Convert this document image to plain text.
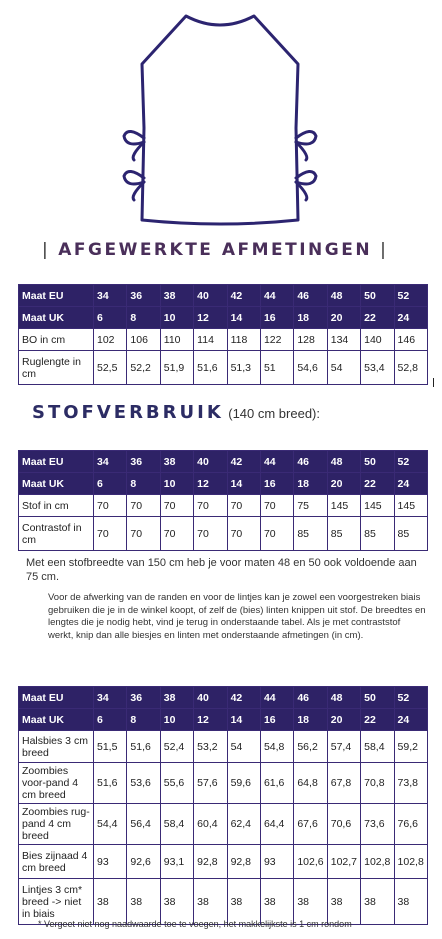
| AFGEWERKTE AFMETINGEN |
Maat EU	34	36	38	40	42	44	46	48	50	52
Maat UK	6	8	10	12	14	16	18	20	22	24
BO in cm	102	106	110	114	118	122	128	134	140	146
Ruglengte in cm	52,5	52,2	51,9	51,6	51,3	51	54,6	54	53,4	52,8
STOFVERBRUIK (140 cm breed):
Maat EU	34	36	38	40	42	44	46	48	50	52
Maat UK	6	8	10	12	14	16	18	20	22	24
Stof in cm	70	70	70	70	70	70	75	145	145	145
Contrastof in cm	70	70	70	70	70	70	85	85	85	85
Met een stofbreedte van 150 cm heb je voor maten 48 en 50 ook voldoende aan 75 cm.
Voor de afwerking van de randen en voor de lintjes kan je zowel een voorgestreken biais gebruiken die je in de winkel koopt, of zelf de (bies) linten knippen uit stof. De breedtes en lengtes die je nodig hebt, vind je terug in onderstaande tabel. Als je met contraststof werkt, knip dan alle biesjes en linten met onderstaande afmetingen (in cm).
Maat EU	34	36	38	40	42	44	46	48	50	52
Maat UK	6	8	10	12	14	16	18	20	22	24
Halsbies 3 cm breed	51,5	51,6	52,4	53,2	54	54,8	56,2	57,4	58,4	59,2
Zoombies voor-pand 4 cm breed	51,6	53,6	55,6	57,6	59,6	61,6	64,8	67,8	70,8	73,8
Zoombies rug-pand 4 cm breed	54,4	56,4	58,4	60,4	62,4	64,4	67,6	70,6	73,6	76,6
Bies zijnaad 4 cm breed	93	92,6	93,1	92,8	92,8	93	102,6	102,7	102,8	102,8
Lintjes 3 cm* breed -> niet in biais	38	38	38	38	38	38	38	38	38	38
* Vergeet niet nog naadwaarde toe te voegen, het makkelijkste is 1 cm rondom
